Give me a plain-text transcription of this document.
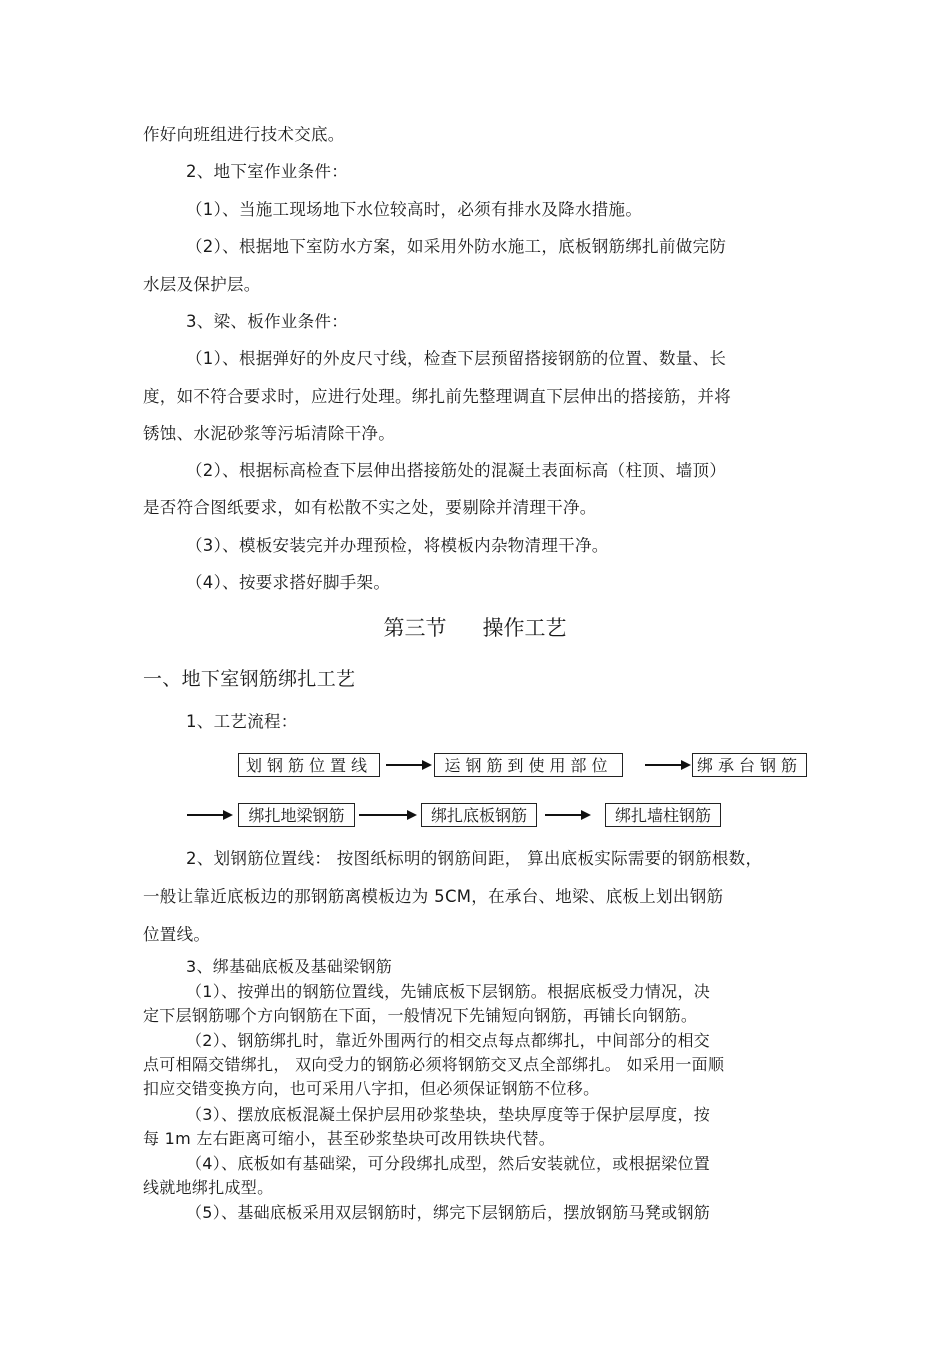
作好向班组进行技术交底。
2、地下室作业条件：
（1）、当施工现场地下水位较高时，必须有排水及降水措施。
（2）、根据地下室防水方案，如采用外防水施工，底板钢筋绑扎前做完防
水层及保护层。
3、梁、板作业条件：
（1）、根据弹好的外皮尺寸线，检查下层预留搭接钢筋的位置、数量、长
度，如不符合要求时，应进行处理。绑扎前先整理调直下层伸出的搭接筋，并将
锈蚀、水泥砂浆等污垢清除干净。
（2）、根据标高检查下层伸出搭接筋处的混凝土表面标高（柱顶、墙顶）
是否符合图纸要求，如有松散不实之处，要剔除并清理干净。
（3）、模板安装完并办理预检，将模板内杂物清理干净。
（4）、按要求搭好脚手架。
第三节 操作工艺
一、地下室钢筋绑扎工艺
1、工艺流程：
划钢筋位置线	运钢筋到使用部位	绑承台钢筋
绑扎地梁钢筋	绑扎底板钢筋	绑扎墙柱钢筋
2、划钢筋位置线： 按图纸标明的钢筋间距， 算出底板实际需要的钢筋根数，
一般让靠近底板边的那钢筋离模板边为 5CM，在承台、地梁、底板上划出钢筋
位置线。
3、绑基础底板及基础梁钢筋
（1）、按弹出的钢筋位置线，先铺底板下层钢筋。根据底板受力情况，决
定下层钢筋哪个方向钢筋在下面，一般情况下先铺短向钢筋，再铺长向钢筋。
（2）、钢筋绑扎时，靠近外围两行的相交点每点都绑扎，中间部分的相交
点可相隔交错绑扎， 双向受力的钢筋必须将钢筋交叉点全部绑扎。 如采用一面顺
扣应交错变换方向，也可采用八字扣，但必须保证钢筋不位移。
（3）、摆放底板混凝土保护层用砂浆垫块，垫块厚度等于保护层厚度，按
每 1m 左右距离可缩小，甚至砂浆垫块可改用铁块代替。
（4）、底板如有基础梁，可分段绑扎成型，然后安装就位，或根据梁位置
线就地绑扎成型。
（5）、基础底板采用双层钢筋时，绑完下层钢筋后，摆放钢筋马凳或钢筋
